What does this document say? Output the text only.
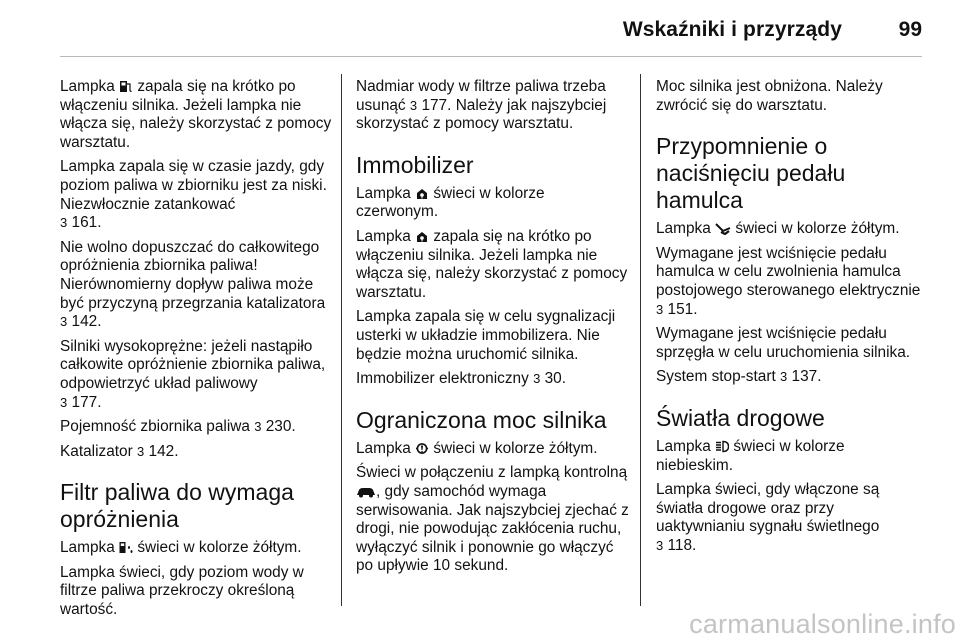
Wskaźniki i przyrządy	99

Lampka zapala się na krótko po włączeniu silnika. Jeżeli lampka nie włącza się, należy skorzystać z pomocy warsztatu.

Lampka zapala się w czasie jazdy, gdy poziom paliwa w zbiorniku jest za niski. Niezwłocznie zatankować
3 161.

Nie wolno dopuszczać do całkowitego opróżnienia zbiornika paliwa! Nierównomierny dopływ paliwa może być przyczyną przegrzania katalizatora 3 142.

Silniki wysokoprężne: jeżeli nastąpiło całkowite opróżnienie zbiornika paliwa, odpowietrzyć układ paliwowy
3 177.

Pojemność zbiornika paliwa 3 230.

Katalizator 3 142.

Filtr paliwa do wymaga opróżnienia

Lampka świeci w kolorze żółtym.

Lampka świeci, gdy poziom wody w filtrze paliwa przekroczy określoną wartość.

Nadmiar wody w filtrze paliwa trzeba usunąć 3 177. Należy jak najszybciej skorzystać z pomocy warsztatu.

Immobilizer

Lampka świeci w kolorze czerwonym.

Lampka zapala się na krótko po włączeniu silnika. Jeżeli lampka nie włącza się, należy skorzystać z pomocy warsztatu.

Lampka zapala się w celu sygnalizacji usterki w układzie immobilizera. Nie będzie można uruchomić silnika.

Immobilizer elektroniczny 3 30.

Ograniczona moc silnika

Lampka świeci w kolorze żółtym.

Świeci w połączeniu z lampką kontrolną
, gdy samochód wymaga serwisowania. Jak najszybciej zjechać z drogi, nie powodując zakłócenia ruchu, wyłączyć silnik i ponownie go włączyć po upływie 10 sekund.

Moc silnika jest obniżona. Należy zwrócić się do warsztatu.

Przypomnienie o naciśnięciu pedału hamulca

Lampka świeci w kolorze żółtym.

Wymagane jest wciśnięcie pedału hamulca w celu zwolnienia hamulca postojowego sterowanego elektrycznie 3 151.

Wymagane jest wciśnięcie pedału sprzęgła w celu uruchomienia silnika.

System stop-start 3 137.

Światła drogowe

Lampka świeci w kolorze niebieskim.

Lampka świeci, gdy włączone są światła drogowe oraz przy uaktywnianiu sygnału świetlnego
3 118.

carmanualsonline.info
